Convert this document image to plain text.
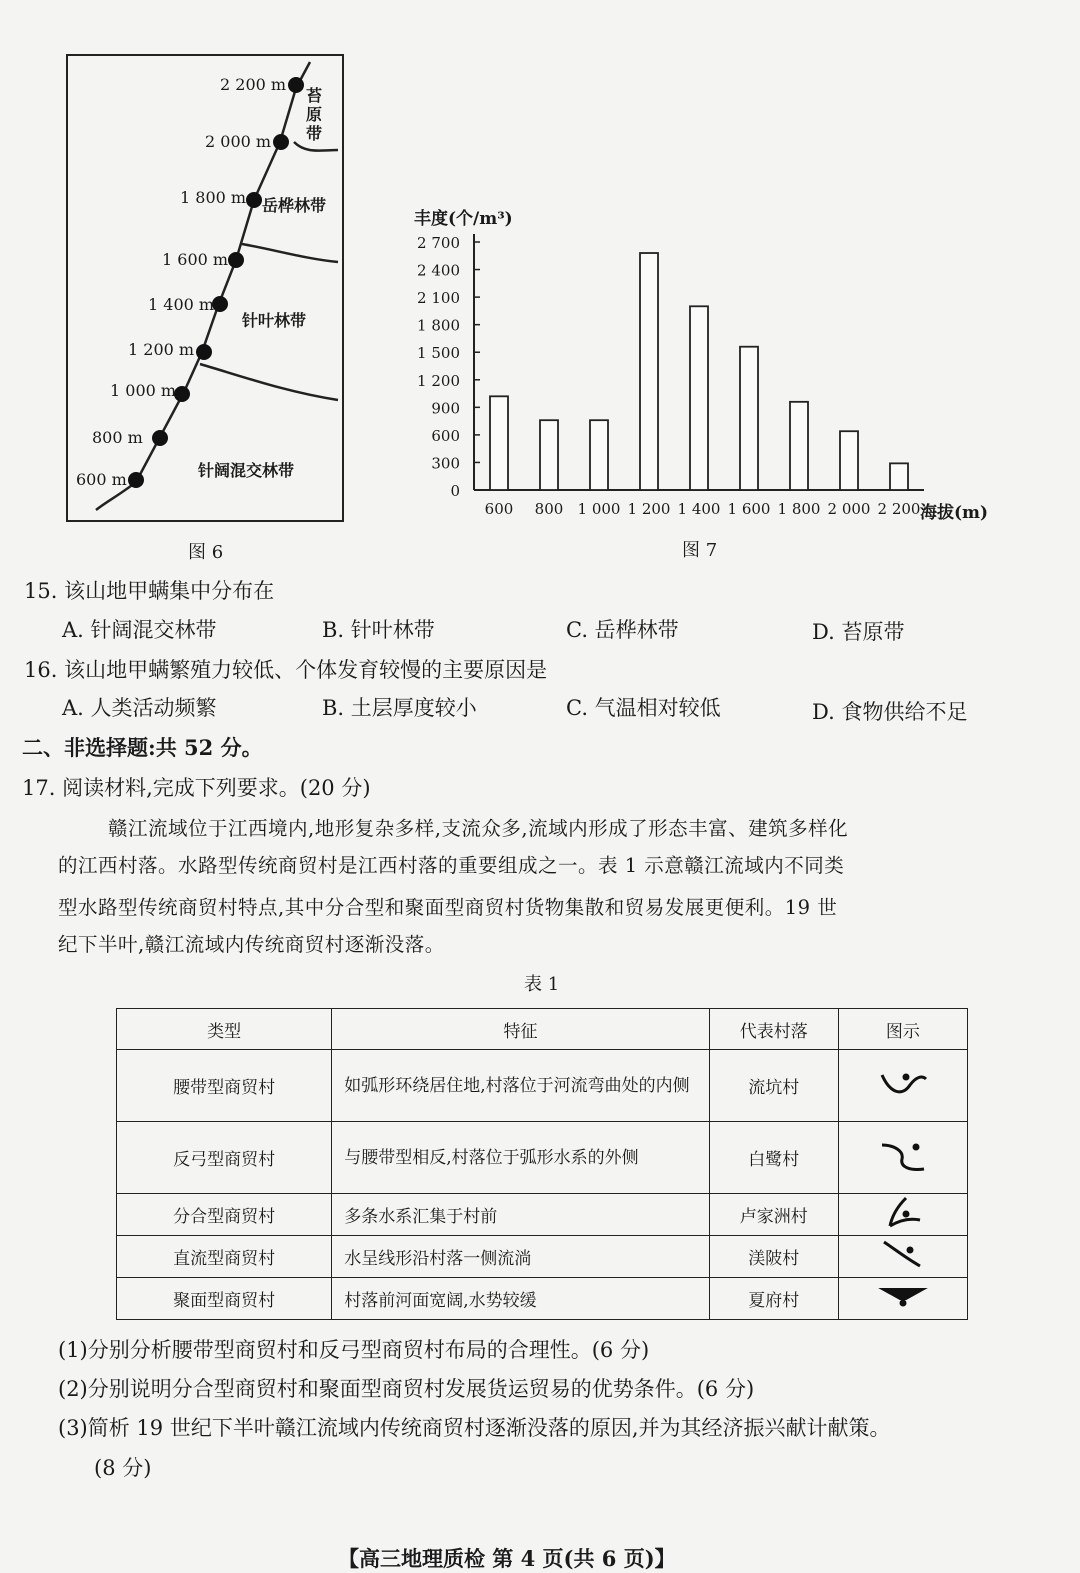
2 200 m
2 000 m
1 800 m
1 600 m
1 400 m
1 200 m
1 000 m
800 m
600 m
苔
原
带
岳桦林带
针叶林带
针阔混交林带
图 6
丰度(个/m³)
海拔(m)
0
300
600
900
1 200
1 500
1 800
2 100
2 400
2 700
600 800 1 000 1 200 1 400 1 600 1 800 2 000 2 200
图 7
15. 该山地甲螨集中分布在
A. 针阔混交林带	B. 针叶林带	C. 岳桦林带	D. 苔原带
16. 该山地甲螨繁殖力较低、个体发育较慢的主要原因是
A. 人类活动频繁	B. 土层厚度较小	C. 气温相对较低	D. 食物供给不足
二、非选择题:共 52 分。
17. 阅读材料,完成下列要求。(20 分)
赣江流域位于江西境内,地形复杂多样,支流众多,流域内形成了形态丰富、建筑多样化
的江西村落。水路型传统商贸村是江西村落的重要组成之一。表 1 示意赣江流域内不同类
型水路型传统商贸村特点,其中分合型和聚面型商贸村货物集散和贸易发展更便利。19 世
纪下半叶,赣江流域内传统商贸村逐渐没落。
表 1
类型	特征	代表村落	图示
腰带型商贸村	如弧形环绕居住地,村落位于河流弯曲处的内侧	流坑村	
反弓型商贸村	与腰带型相反,村落位于弧形水系的外侧	白鹭村	
分合型商贸村	多条水系汇集于村前	卢家洲村	
直流型商贸村	水呈线形沿村落一侧流淌	渼陂村	
聚面型商贸村	村落前河面宽阔,水势较缓	夏府村	
(1)分别分析腰带型商贸村和反弓型商贸村布局的合理性。(6 分)
(2)分别说明分合型商贸村和聚面型商贸村发展货运贸易的优势条件。(6 分)
(3)简析 19 世纪下半叶赣江流域内传统商贸村逐渐没落的原因,并为其经济振兴献计献策。
(8 分)
【高三地理质检 第 4 页(共 6 页)】
